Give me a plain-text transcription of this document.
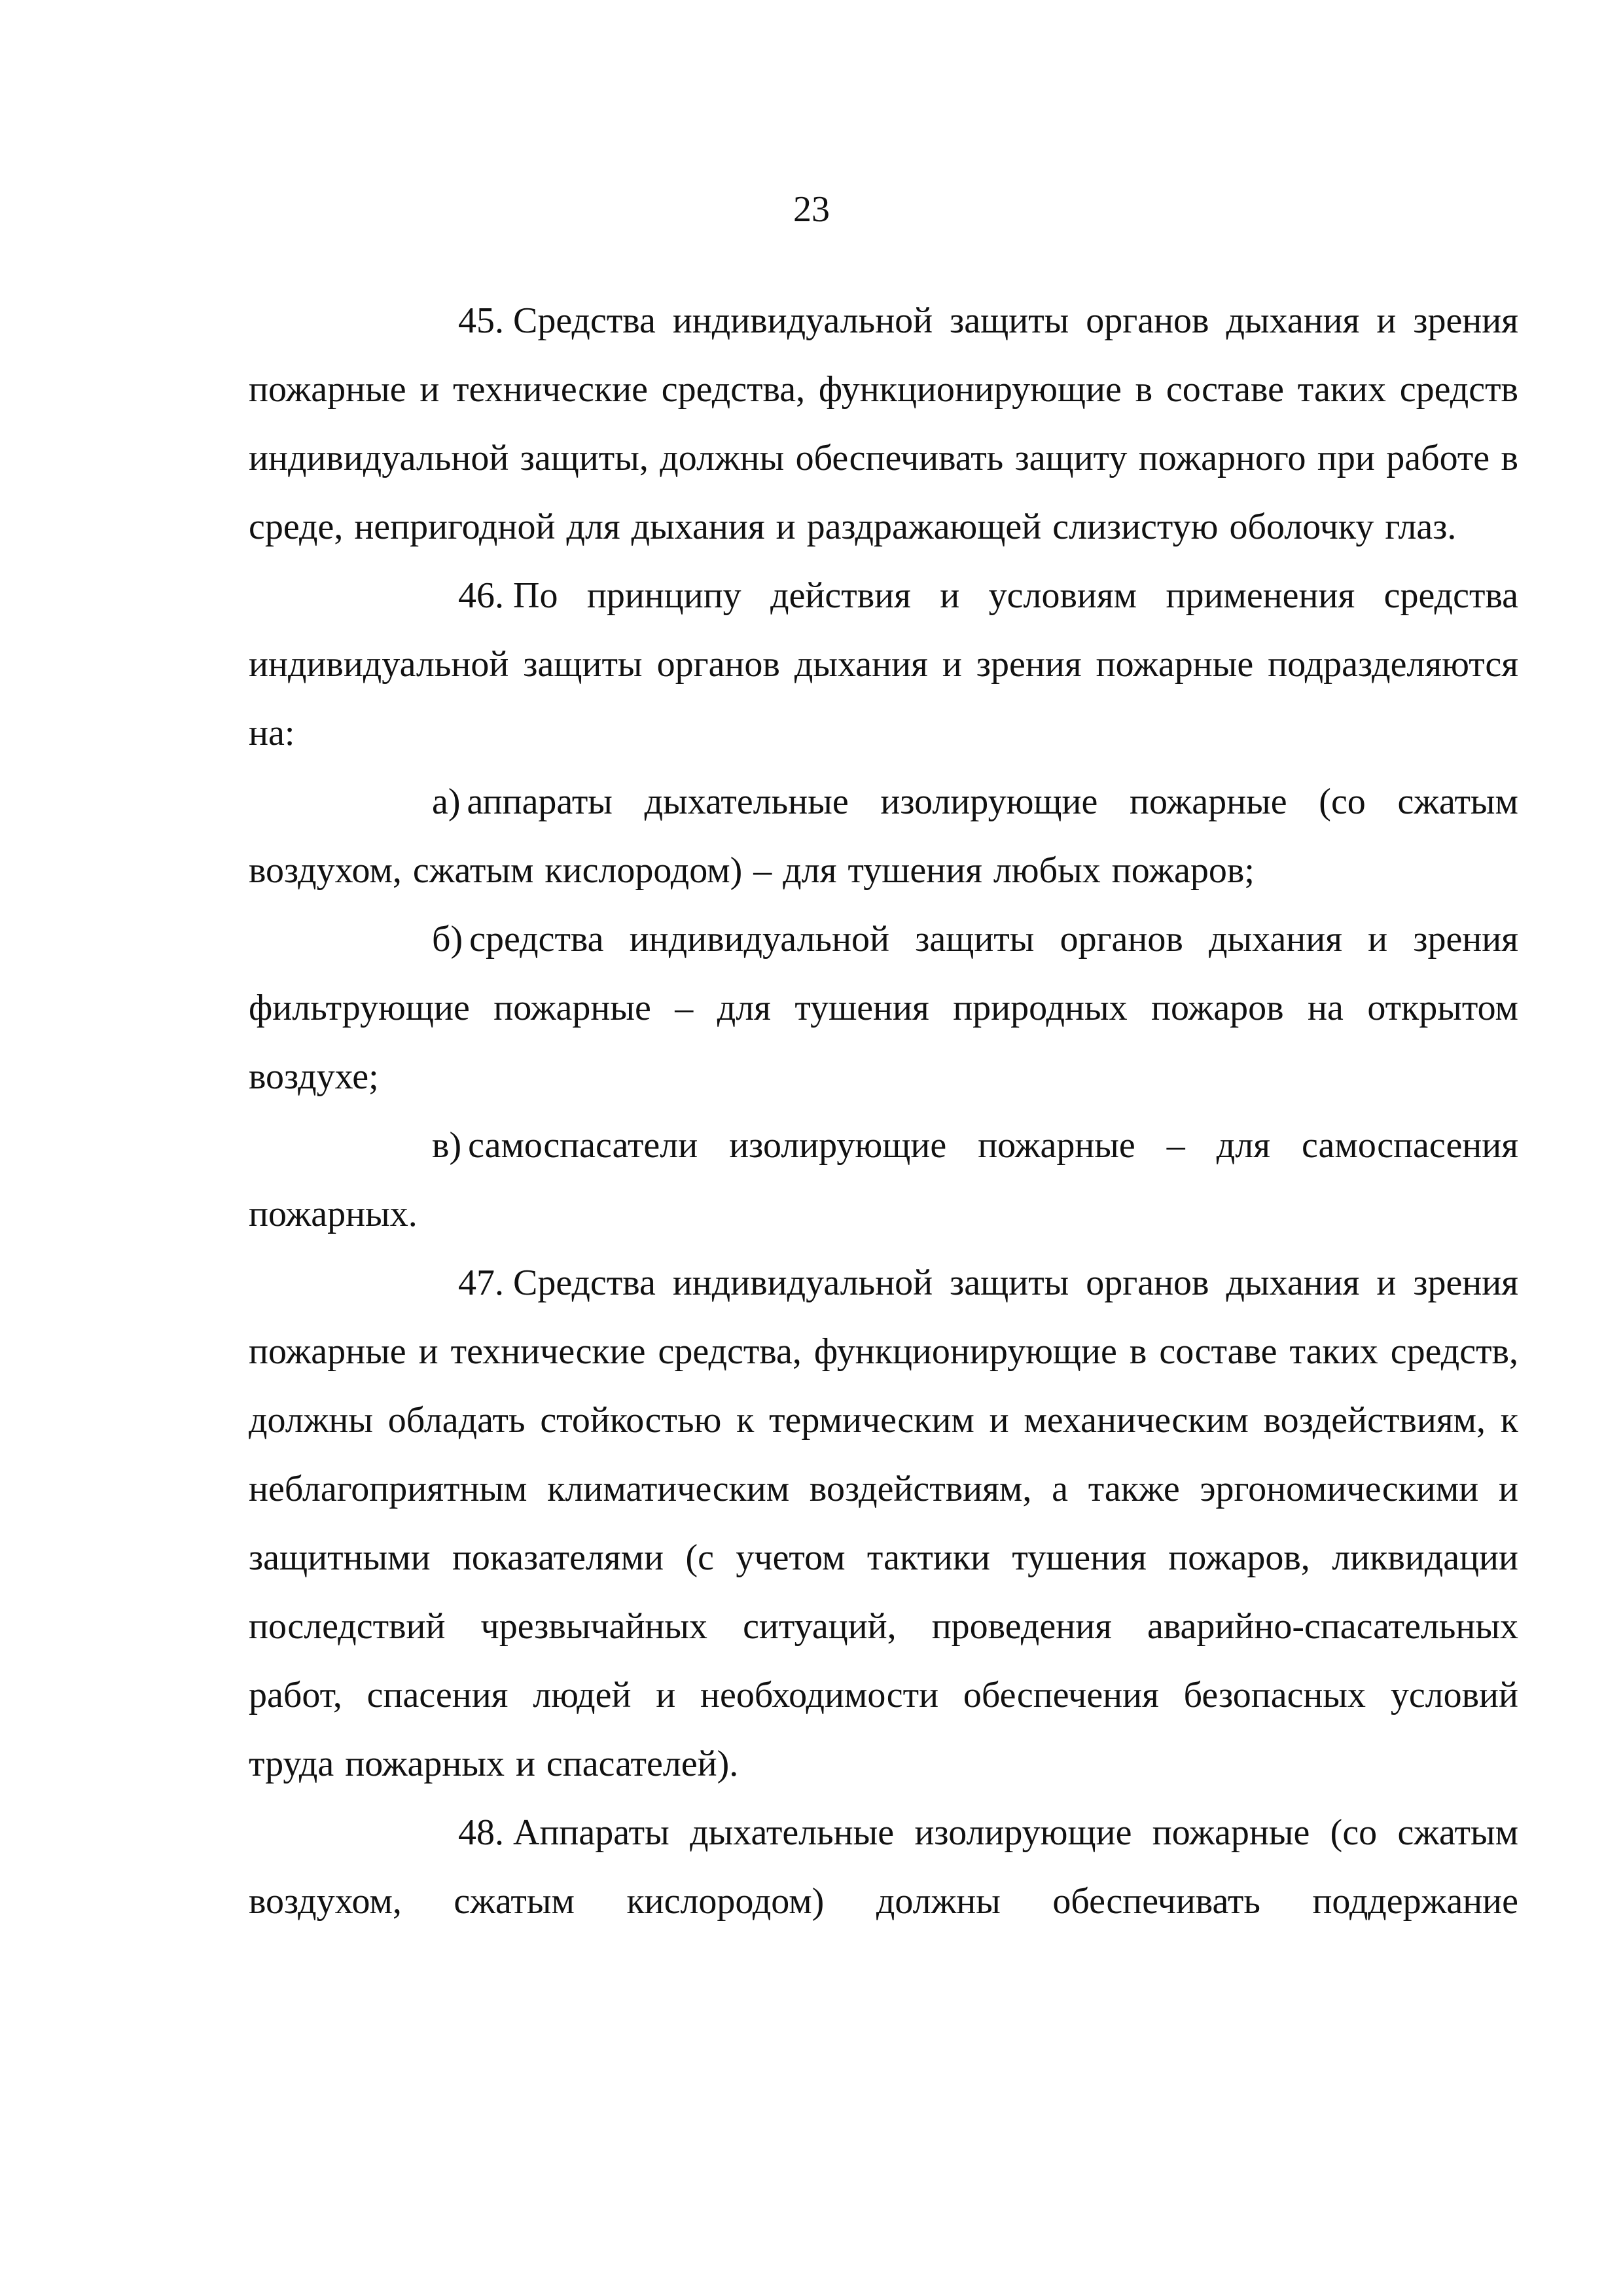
23

45. Средства индивидуальной защиты органов дыхания и зрения пожарные и технические средства, функционирующие в составе таких средств индивидуальной защиты, должны обеспечивать защиту пожарного при работе в среде, непригодной для дыхания и раздражающей слизистую оболочку глаз.

46. По принципу действия и условиям применения средства индивидуальной защиты органов дыхания и зрения пожарные подразделяются на:

а) аппараты дыхательные изолирующие пожарные (со сжатым воздухом, сжатым кислородом) – для тушения любых пожаров;

б) средства индивидуальной защиты органов дыхания и зрения фильтрующие пожарные – для тушения природных пожаров на открытом воздухе;

в) самоспасатели изолирующие пожарные – для самоспасения пожарных.

47. Средства индивидуальной защиты органов дыхания и зрения пожарные и технические средства, функционирующие в составе таких средств, должны обладать стойкостью к термическим и механическим воздействиям, к неблагоприятным климатическим воздействиям, а также эргономическими и защитными показателями (с учетом тактики тушения пожаров, ликвидации последствий чрезвычайных ситуаций, проведения аварийно-спасательных работ, спасения людей и необходимости обеспечения безопасных условий труда пожарных и спасателей).

48. Аппараты дыхательные изолирующие пожарные (со сжатым воздухом, сжатым кислородом) должны обеспечивать поддержание
